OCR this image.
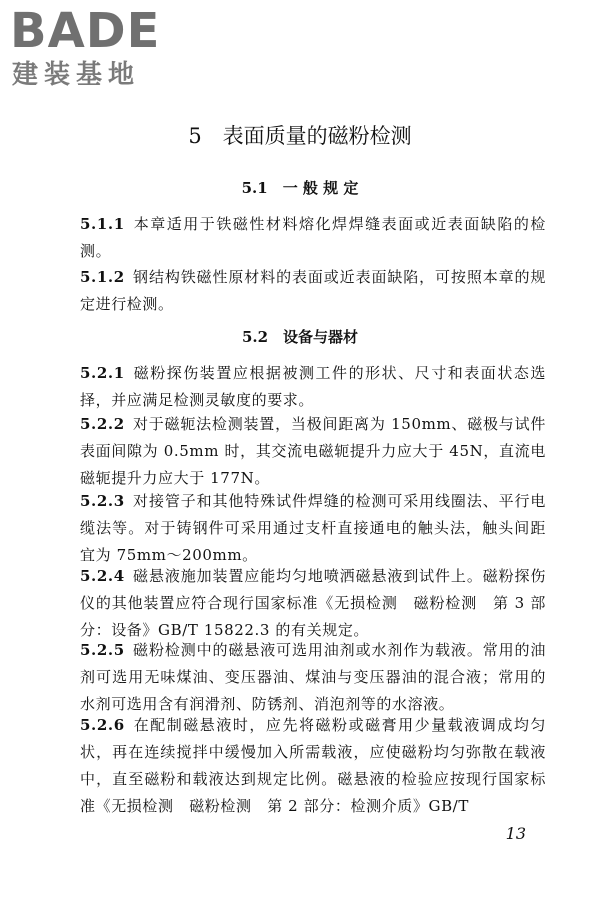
BADE
建装基地
5　表面质量的磁粉检测
5.1　一 般 规 定
5.1.1 本章适用于铁磁性材料熔化焊焊缝表面或近表面缺陷的检测。
5.1.2 钢结构铁磁性原材料的表面或近表面缺陷，可按照本章的规定进行检测。
5.2　设备与器材
5.2.1 磁粉探伤装置应根据被测工件的形状、尺寸和表面状态选择，并应满足检测灵敏度的要求。
5.2.2 对于磁轭法检测装置，当极间距离为 150mm、磁极与试件表面间隙为 0.5mm 时，其交流电磁轭提升力应大于 45N，直流电磁轭提升力应大于 177N。
5.2.3 对接管子和其他特殊试件焊缝的检测可采用线圈法、平行电缆法等。对于铸钢件可采用通过支杆直接通电的触头法，触头间距宜为 75mm～200mm。
5.2.4 磁悬液施加装置应能均匀地喷洒磁悬液到试件上。磁粉探伤仪的其他装置应符合现行国家标准《无损检测　磁粉检测　第 3 部分：设备》GB/T 15822.3 的有关规定。
5.2.5 磁粉检测中的磁悬液可选用油剂或水剂作为载液。常用的油剂可选用无味煤油、变压器油、煤油与变压器油的混合液；常用的水剂可选用含有润滑剂、防锈剂、消泡剂等的水溶液。
5.2.6 在配制磁悬液时，应先将磁粉或磁膏用少量载液调成均匀状，再在连续搅拌中缓慢加入所需载液，应使磁粉均匀弥散在载液中，直至磁粉和载液达到规定比例。磁悬液的检验应按现行国家标准《无损检测　磁粉检测　第 2 部分：检测介质》GB/T
13
